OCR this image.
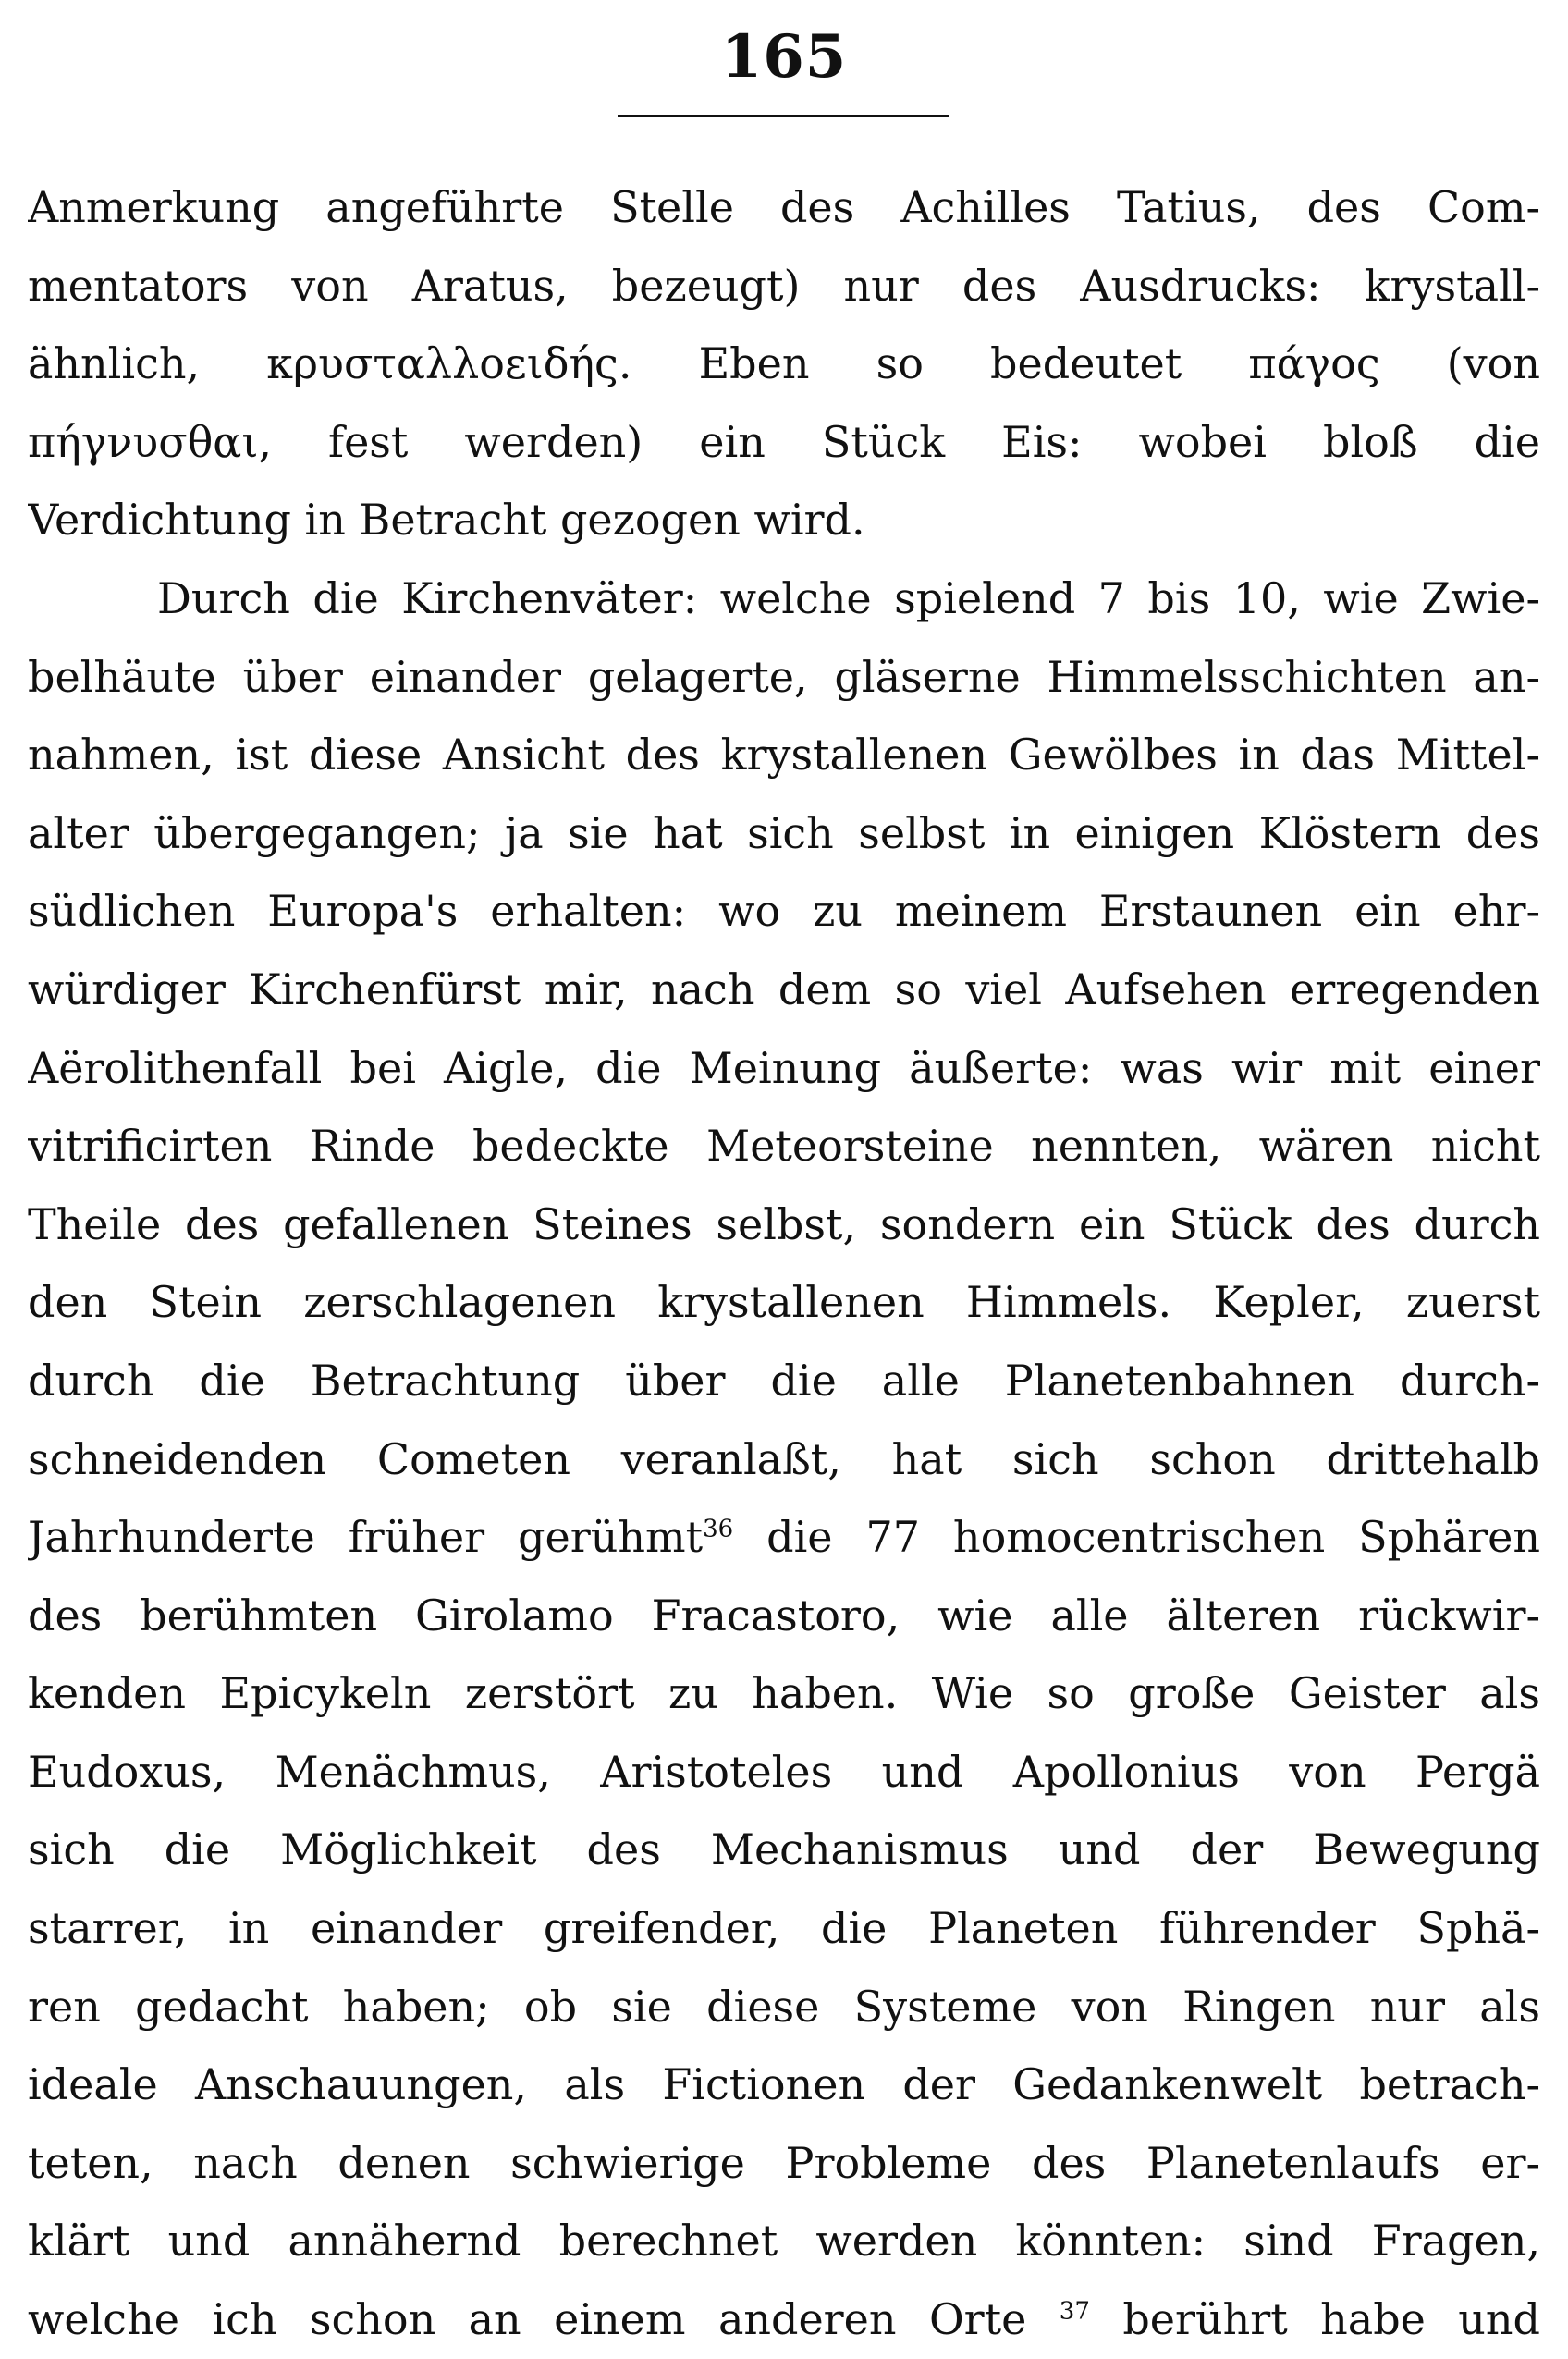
165
Anmerkung angeführte Stelle des Achilles Tatius, des Com-
mentators von Aratus, bezeugt) nur des Ausdrucks: krystall-
ähnlich, κρυσταλλοειδής. Eben so bedeutet πάγος (von
πήγνυσθαι, fest werden) ein Stück Eis: wobei bloß die
Verdichtung in Betracht gezogen wird.
Durch die Kirchenväter: welche spielend 7 bis 10, wie Zwie-
belhäute über einander gelagerte, gläserne Himmelsschichten an-
nahmen, ist diese Ansicht des krystallenen Gewölbes in das Mittel-
alter übergegangen; ja sie hat sich selbst in einigen Klöstern des
südlichen Europa's erhalten: wo zu meinem Erstaunen ein ehr-
würdiger Kirchenfürst mir, nach dem so viel Aufsehen erregenden
Aërolithenfall bei Aigle, die Meinung äußerte: was wir mit einer
vitrificirten Rinde bedeckte Meteorsteine nennten, wären nicht
Theile des gefallenen Steines selbst, sondern ein Stück des durch
den Stein zerschlagenen krystallenen Himmels. Kepler, zuerst
durch die Betrachtung über die alle Planetenbahnen durch-
schneidenden Cometen veranlaßt, hat sich schon drittehalb
Jahrhunderte früher gerühmt$^{36}$ die 77 homocentrischen Sphären
des berühmten Girolamo Fracastoro, wie alle älteren rückwir-
kenden Epicykeln zerstört zu haben. Wie so große Geister als
Eudoxus, Menächmus, Aristoteles und Apollonius von Pergä
sich die Möglichkeit des Mechanismus und der Bewegung
starrer, in einander greifender, die Planeten führender Sphä-
ren gedacht haben; ob sie diese Systeme von Ringen nur als
ideale Anschauungen, als Fictionen der Gedankenwelt betrach-
teten, nach denen schwierige Probleme des Planetenlaufs er-
klärt und annähernd berechnet werden könnten: sind Fragen,
welche ich schon an einem anderen Orte $^{37}$ berührt habe und
